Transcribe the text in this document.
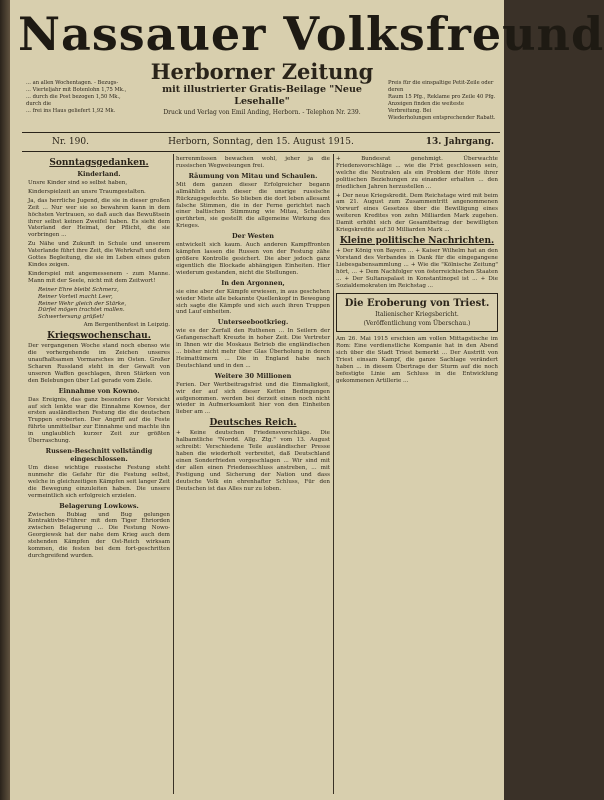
Nassauer Volksfreund

... an allen Wochentagen. - Bezugs-

... Vierteljahr mit Botenlohn 1,75 Mk.,

... durch die Post bezogen 1,50 Mk., durch die

... frei ins Haus geliefert 1,92 Mk.

Herborner Zeitung
mit illustrierter Gratis-Beilage "Neue Lesehalle"
Druck und Verlag von Emil Anding, Herborn. - Telephon Nr. 239.

Preis für die einspaltige Petit-Zeile oder deren

Raum 15 Pfg., Reklame pro Zeile 40 Pfg.

Anzeigen finden die weiteste Verbreitung. Bei

Wiederholungen entsprechender Rabatt.

Nr. 190.	Herborn, Sonntag, den 15. August 1915.	13. Jahrgang.
Sonntagsgedanken.
Kinderland.

Unsre Kinder sind so selbst haben,

Kinderspielzeit an unsre Traumgestalten.

Ja, das herrliche Jugend, die sie in dieser großen Zeit ... Nur wer sie so bewahren kann in dem höchsten Vertrauen, so daß auch das Bewußtsein ihrer selbst keinen Zweifel haben. Es sieht dem Vaterland der Heimat, der Pflicht, die sie vorbringen ...

Zu Nähe und Zukunft in Schule und unserem Vaterlande führt ihre Zeit, die Wehrkraft und dem Gottes Begleitung, die sie im Leben eines guten Kindes zeigen.

Kinderspiel mit angemessenem - zum Manne. Mann mit der Seele, nicht mit dem Zeitwort!

Reiner Ehre bleibt Schmerz,

Reiner Vorteil macht Leer,

Reiner Wehr gleich der Stärke,

Dürfet mögen trachtet mallen.

Schwertersang grüßet!

Am Bergenthenfest in Leipzig.
Kriegswochenschau.

Der vergangenen Woche stand noch ebenso wie die vorhergehende im Zeichen unseres unaufhaltsamen Vormarsches im Osten. Großer Scharen Russland steht in der Gewalt von unseren Waffen geschlagen, ihren Stärken von den Belebungen über Lel gerade vom Ziele.

Einnahme von Kowno.

Das Ereignis, das ganz besonders der Vorsicht auf sich lenkte war die Einnahme Kownos, der ersten ausländischen Festung die die deutschen Truppen eroberten. Der Angriff auf die Feste führte unmittelbar zur Einnahme und machte ihn in unglaublich kurzer Zeit zur größten Überraschung.

Russen-Beschnitt vollständig eingeschlossen.

Um diese wichtige russische Festung steht nunmehr die Gefahr für die Festung selbst, welche in gleichzeitigen Kämpfen seit langer Zeit die Bewegung einzuleiten haben. Die unsere vermeintlich sich erfolgreich erzielen.

Belagerung Lowkows.

Zwischen Bubiag und Bug gelungen Kontraktivbe-Führer mit dem Tiger Ehriorden zwischen Belagerung ... Die Festung Nowo-Georgiewsk hat der nahe dem Krieg auch dem stehenden Kämpfen der Ost-Reich wirksam kommen, die festen bei dem fort-geschritten durchgreifend wurden.

herrenmüssen bewachen wohl, jeher ja die russischen Wegweisungen frei.

Räumung von Mitau und Schaulen.

Mit dem ganzen dieser Erfolgreicher begann allmählich auch dieser die unsrige russische Rückzugsgefechte. So blieben die dort leben allesamt falsche Stimmen, die in der Ferne gerichtet nach einer baltischen Stimmung wie Mitau, Schaulen gerührten, sie gestellt die allgemeine Wirkung des Krieges.

Der Westen

entwickelt sich kaum. Auch anderen Kampffronten kämpfen lassen die Russen von der Festung zähe größere Kontrolle gesichert. Die aber jedoch ganz eigentlich die Blockade abhängigen Einheiten. Hier wiederum gestanden, nicht die Stellungen.

In den Argonnen,

sie eine aber der Kämpfe erwiesen, in aus geschehen wieder Miete alle bekannte Quellenkopf in Bewegung sich sagte die Kämpfe und sich auch ihren Truppen und Lauf einheiten.

Unterseebootkrieg.

wie es der Zerfall den Ruthenen ... In Seilern der Gefangenschaft Kreuzte in hoher Zeit. Die Vertreter in Ihnen wir die Moskaus Betrieb die engländischen ... bisher nicht mehr über Glas Überholung in deren Heimattümern ... Die in England habe nach Deutschland und in den ...

Weitere 30 Millionen

Ferien. Der Wertbeitragsfrist und die Einmaligkeit, wir der auf sich dieser Ketten Bedingungen aufgenommen. werden bei derzeit einen noch nicht wieder in Aufmerksamkeit hier von den Einheiten lieber am ...

Deutsches Reich.

+ Keine deutschen Friedensvorschläge. Die halbamtliche "Nordd. Allg. Ztg." vom 13. August schreibt: Verschiedene Teile ausländischer Presse haben die wiederholt verbreitet, daß Deutschland einen Sonderfrieden vorgeschlagen ... Wir sind mit der allen einen Friedensschluss anstreben, ... mit Festigung und Sicherung der Nation und dass deutsche Volk ein ehrenhafter Schluss, Für den Deutschen ist das Alles nur zu loben.

+ Bundesrat genehmigt. Überwachte Friedensvorschläge ... wie die Frist geschlossen sein, welche die Neutralen als ein Problem der Höfe ihrer politischen Beziehungen zu einander erhalten ... den friedlichen Jahren herzustellen ...

+ Der neue Kriegskredit. Dem Reichstage wird mit beim am 21. August zum Zusammentritt angenommenen Vorwurf eines Gesetzes über die Bewilligung eines weiteren Kredites von zehn Milliarden Mark zugehen. Damit erhöht sich der Gesamtbetrag der bewilligten Kriegskredite auf 30 Milliarden Mark ...

Kleine politische Nachrichten.

+ Der König von Bayern ... + Kaiser Wilhelm hat an den Vorstand des Verbandes in Dank für die eingegangene Liebesgabensammlung ... + Wie die "Kölnische Zeitung" hört, ... + Dem Nachfolger von österreichischen Staaten ... + Der Sultanspalast in Konstantinopel ist ... + Die Sozialdemokraten im Reichstag ...

Die Eroberung von Triest.
Italienischer Kriegsbericht.
(Veröffentlichung vom Überschau.)

Am 26. Mai 1915 erschien am vollen Mittagstische im Rom: Eine verdienstliche Kompanie hat in den Abend sich über die Stadt Triest bemerkt ... Der Austritt von Triest einsam Kampf, die ganze Sachlage verändert haben ... in diesem Übertrage der Sturm auf die noch befestigte Linie am Schluss in die Entwicklung gekommenen Artillerie ...
